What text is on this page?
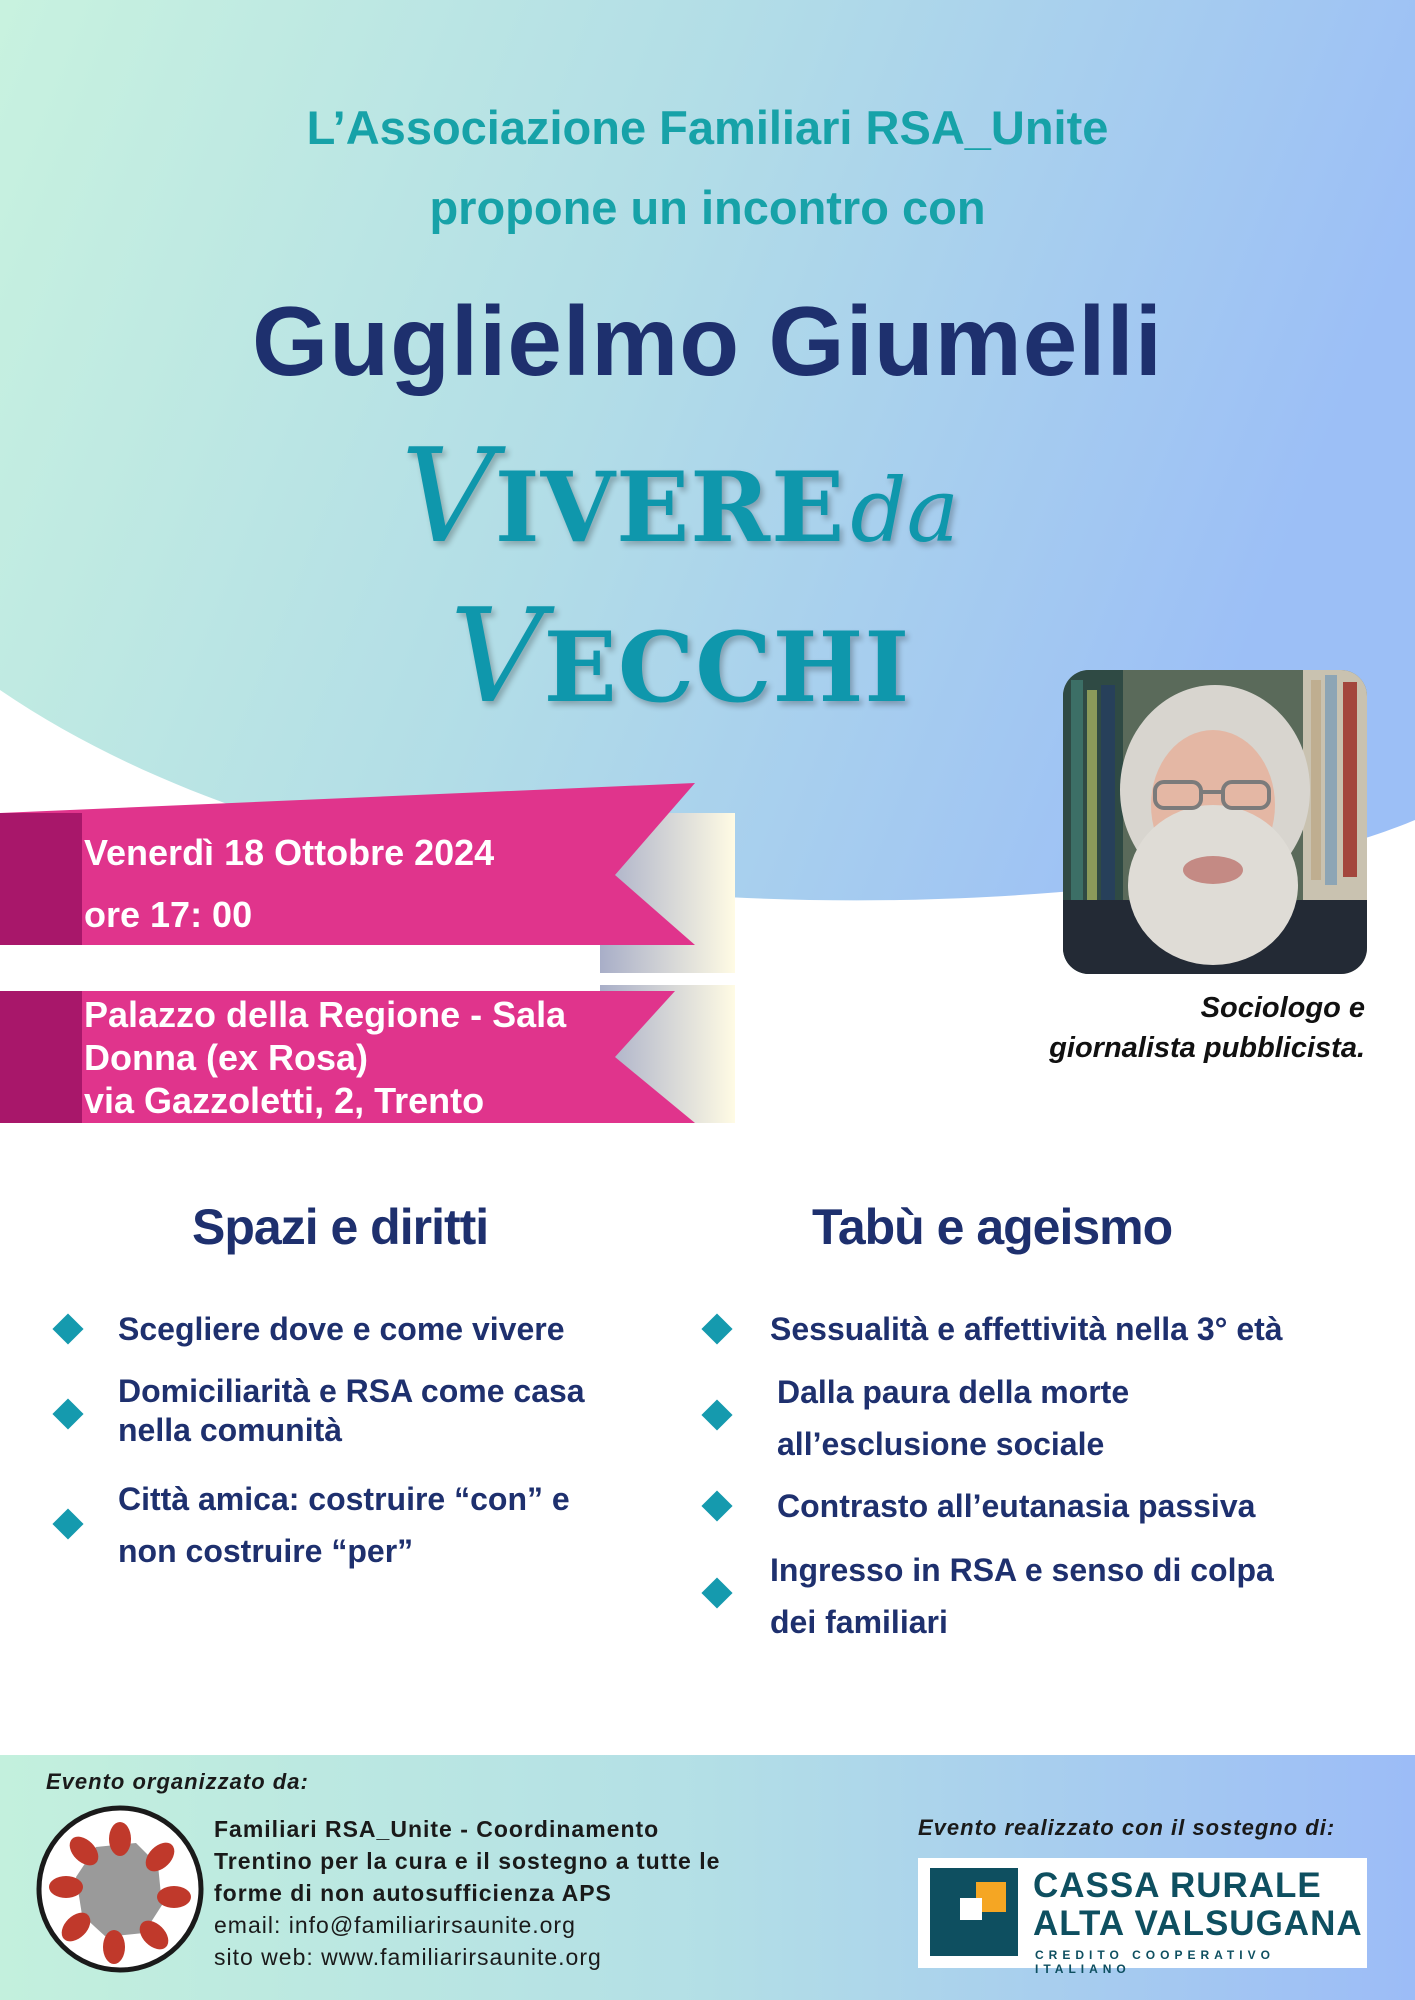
L’Associazione Familiari RSA_Unite
propone un incontro con
Guglielmo Giumelli
VIVERE da
VECCHI
Venerdì 18 Ottobre 2024
ore 17: 00
Palazzo della Regione - Sala
Donna (ex Rosa)
via Gazzoletti, 2, Trento
Sociologo e
giornalista pubblicista.
Spazi e diritti	Tabù e ageismo
Scegliere dove e come vivere
Domiciliarità e RSA come casa
nella comunità
Città amica: costruire “con” e
non costruire “per”
Sessualità e affettività nella 3° età
Dalla paura della morte
all’esclusione sociale
Contrasto all’eutanasia passiva
Ingresso in RSA e senso di colpa
dei familiari
Evento organizzato da:
Familiari RSA_Unite - Coordinamento
Trentino per la cura e il sostegno a tutte le
forme di non autosufficienza APS
email: info@familiarirsaunite.org
sito web: www.familiarirsaunite.org
Evento realizzato con il sostegno di:
CASSA RURALE
ALTA VALSUGANA
CREDITO COOPERATIVO ITALIANO
